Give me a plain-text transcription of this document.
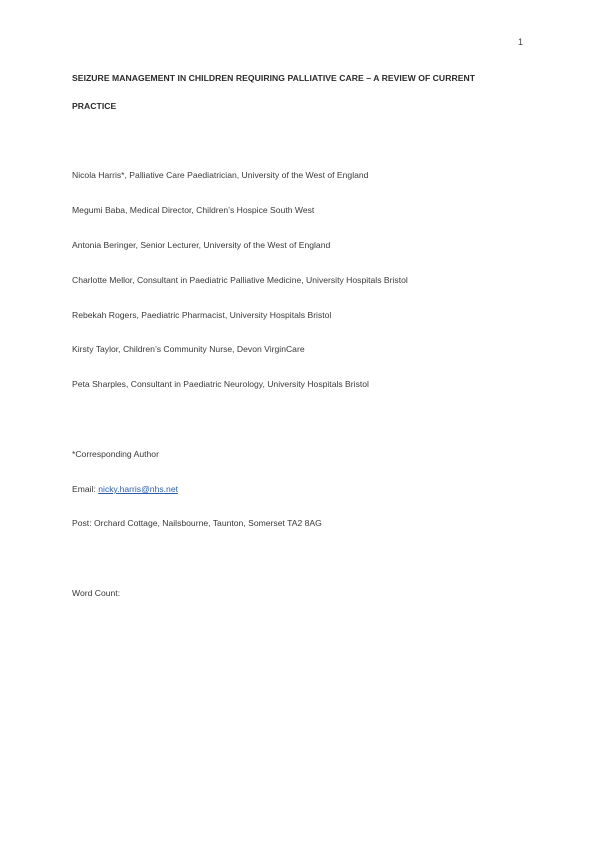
1
SEIZURE MANAGEMENT IN CHILDREN REQUIRING PALLIATIVE CARE – A REVIEW OF CURRENT
PRACTICE
Nicola Harris*, Palliative Care Paediatrician, University of the West of England
Megumi Baba, Medical Director, Children’s Hospice South West
Antonia Beringer, Senior Lecturer, University of the West of England
Charlotte Mellor, Consultant in Paediatric Palliative Medicine, University Hospitals Bristol
Rebekah Rogers, Paediatric Pharmacist, University Hospitals Bristol
Kirsty Taylor, Children’s Community Nurse, Devon VirginCare
Peta Sharples, Consultant in Paediatric Neurology, University Hospitals Bristol
*Corresponding Author
Email: nicky.harris@nhs.net
Post: Orchard Cottage, Nailsbourne, Taunton, Somerset TA2 8AG
Word Count:
